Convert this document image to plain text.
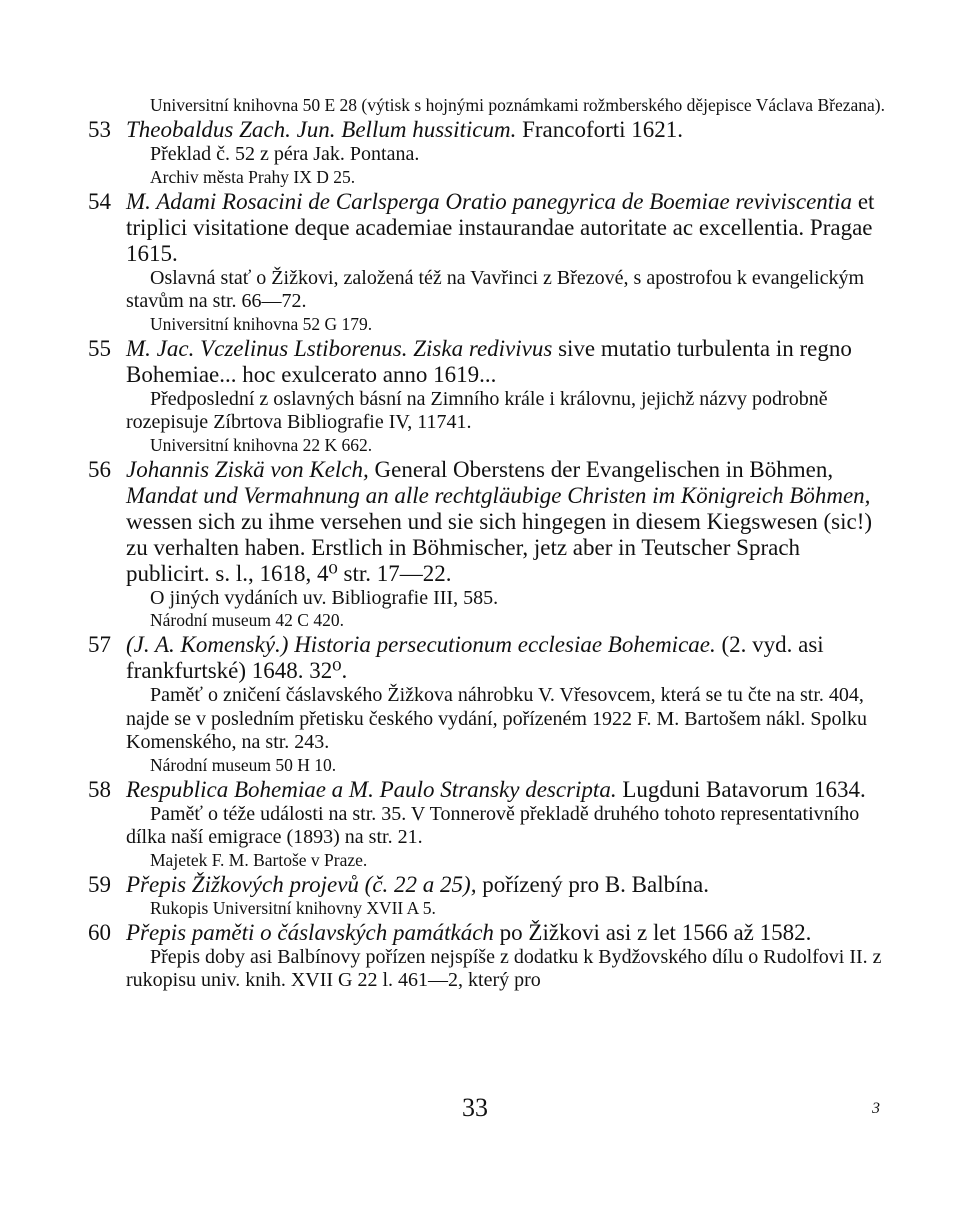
Universitní knihovna 50 E 28 (výtisk s hojnými poznámkami rožmberského dějepisce Václava Březana).
53 Theobaldus Zach. Jun. Bellum hussiticum. Francoforti 1621.
Překlad č. 52 z péra Jak. Pontana.
Archiv města Prahy IX D 25.
54 M. Adami Rosacini de Carlsperga Oratio panegyrica de Boemiae reviviscentia et triplici visitatione deque academiae instaurandae autoritate ac excellentia. Pragae 1615.
Oslavná stať o Žižkovi, založená též na Vavřinci z Březové, s apostrofou k evangelickým stavům na str. 66—72.
Universitní knihovna 52 G 179.
55 M. Jac. Vczelinus Lstiborenus. Ziska redivivus sive mutatio turbulenta in regno Bohemiae... hoc exulcerato anno 1619...
Předposlední z oslavných básní na Zimního krále i královnu, jejichž názvy podrobně rozepisuje Zíbrtova Bibliografie IV, 11741.
Universitní knihovna 22 K 662.
56 Johannis Ziskä von Kelch, General Oberstens der Evangelischen in Böhmen, Mandat und Vermahnung an alle rechtgläubige Christen im Königreich Böhmen, wessen sich zu ihme versehen und sie sich hingegen in diesem Kiegswesen (sic!) zu verhalten haben. Erstlich in Böhmischer, jetz aber in Teutscher Sprach publicirt. s. l., 1618, 4⁰ str. 17—22.
O jiných vydáních uv. Bibliografie III, 585.
Národní museum 42 C 420.
57 (J. A. Komenský.) Historia persecutionum ecclesiae Bohemicae. (2. vyd. asi frankfurtské) 1648. 32⁰.
Paměť o zničení čáslavského Žižkova náhrobku V. Vřesovcem, která se tu čte na str. 404, najde se v posledním přetisku českého vydání, pořízeném 1922 F. M. Bartošem nákl. Spolku Komenského, na str. 243.
Národní museum 50 H 10.
58 Respublica Bohemiae a M. Paulo Stransky descripta. Lugduni Batavorum 1634.
Paměť o téže události na str. 35. V Tonnerově překladě druhého tohoto representativního dílka naší emigrace (1893) na str. 21.
Majetek F. M. Bartoše v Praze.
59 Přepis Žižkových projevů (č. 22 a 25), pořízený pro B. Balbína.
Rukopis Universitní knihovny XVII A 5.
60 Přepis paměti o čáslavských památkách po Žižkovi asi z let 1566 až 1582.
Přepis doby asi Balbínovy pořízen nejspíše z dodatku k Bydžovského dílu o Rudolfovi II. z rukopisu univ. knih. XVII G 22 l. 461—2, který pro
33	3
